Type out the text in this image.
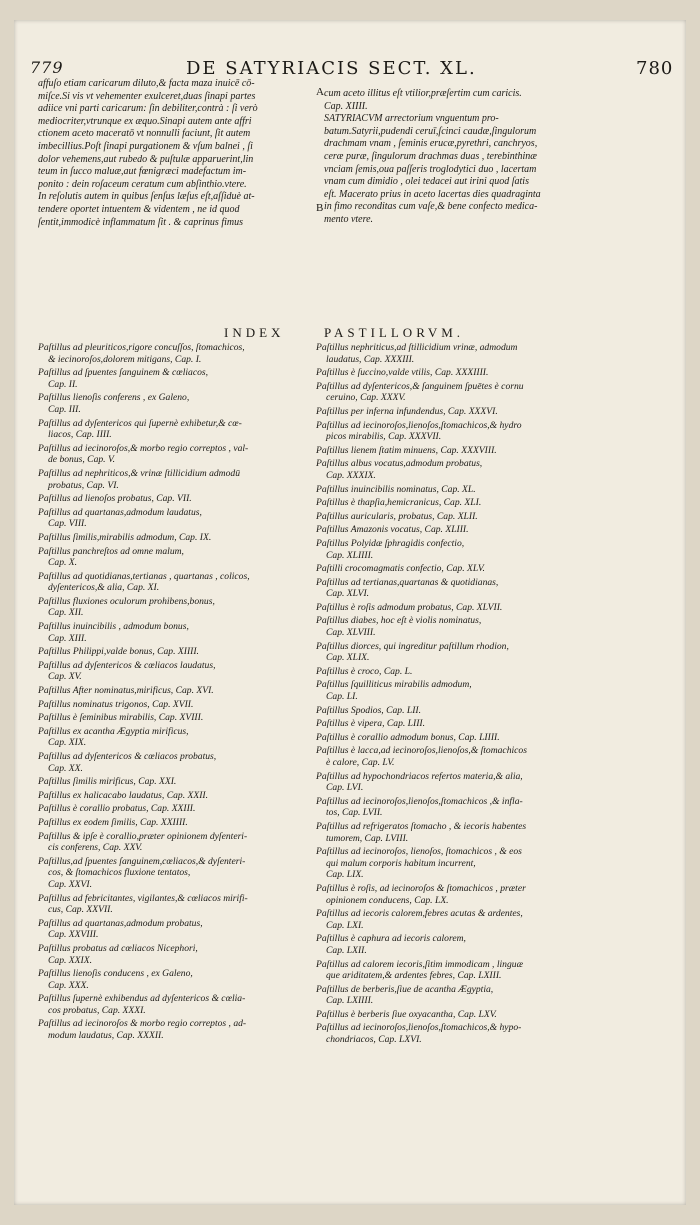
779	DE SATYRIACIS SECT. XL.	780
affuſo etiam caricarum diluto,& facta maza inuicē cō-
miſce.Si vis vt vehementer exulceret,duas ſinapi partes
adiice vni parti caricarum: ſin debiliter,contrà : ſi verò
mediocriter,vtrunque ex æquo.Sinapi autem ante affri
ctionem aceto maceratō vt nonnulli faciunt, ſit autem
imbecillius.Poſt ſinapi purgationem & vſum balnei , ſi
dolor vehemens,aut rubedo & puſtulæ apparuerint,lin
teum in ſucco maluæ,aut fœnigræci madefactum im-
ponito : dein roſaceum ceratum cum abſinthio.vtere.
In reſolutis autem in quibus ſenſus læſus eſt,aſſiduè at-
tendere oportet intuentem & videntem , ne id quod
ſentit,immodicè inflammatum ſit . & caprinus fimus
A
B
cum aceto illitus eſt vtilior,præſertim cum caricis.
Cap. XIIII.
SATYRIACVM arrectorium vnguentum pro-
batum.Satyrii,pudendi ceruī,ſcinci caudæ,ſingulorum
drachmam vnam , ſeminis erucæ,pyrethri, canchryos,
ceræ puræ, ſingulorum drachmas duas , terebinthinæ
vnciam ſemis,oua paſſeris troglodytici duo , lacertam
vnam cum dimidio , olei tedacei aut irini quod ſatis
eſt. Macerato prius in aceto lacertas dies quadraginta
in fimo reconditas cum vaſe,& bene confecto medica-
mento vtere.
INDEX	PASTILLORVM.
Paſtillus ad pleuriticos,rigore concuſſos, ſtomachicos,
& iecinoroſos,dolorem mitigans, Cap. I.
Paſtillus ad ſpuentes ſanguinem & cœliacos,
Cap. II.
Paſtillus lienoſis conferens , ex Galeno,
Cap. III.
Paſtillus ad dyſentericos qui ſupernè exhibetur,& cœ-
liacos, Cap. IIII.
Paſtillus ad iecinoroſos,& morbo regio correptos , val-
de bonus, Cap. V.
Paſtillus ad nephriticos,& vrinæ ſtillicidium admodū
probatus, Cap. VI.
Paſtillus ad lienoſos probatus, Cap. VII.
Paſtillus ad quartanas,admodum laudatus,
Cap. VIII.
Paſtillus ſimilis,mirabilis admodum, Cap. IX.
Paſtillus panchreſtos ad omne malum,
Cap. X.
Paſtillus ad quotidianas,tertianas , quartanas , colicos,
dyſentericos,& alia, Cap. XI.
Paſtillus fluxiones oculorum prohibens,bonus,
Cap. XII.
Paſtillus inuincibilis , admodum bonus,
Cap. XIII.
Paſtillus Philippi,valde bonus, Cap. XIIII.
Paſtillus ad dyſentericos & cœliacos laudatus,
Cap. XV.
Paſtillus After nominatus,mirificus, Cap. XVI.
Paſtillus nominatus trigonos, Cap. XVII.
Paſtillus è ſeminibus mirabilis, Cap. XVIII.
Paſtillus ex acantha Ægyptia mirificus,
Cap. XIX.
Paſtillus ad dyſentericos & cœliacos probatus,
Cap. XX.
Paſtillus ſimilis mirificus, Cap. XXI.
Paſtillus ex halicacabo laudatus, Cap. XXII.
Paſtillus è corallio probatus, Cap. XXIII.
Paſtillus ex eodem ſimilis, Cap. XXIIII.
Paſtillus & ipſe è corallio,præter opinionem dyſenteri-
cis conferens, Cap. XXV.
Paſtillus,ad ſpuentes ſanguinem,cœliacos,& dyſenteri-
cos, & ſtomachicos fluxione tentatos,
Cap. XXVI.
Paſtillus ad febricitantes, vigilantes,& cœliacos mirifi-
cus, Cap. XXVII.
Paſtillus ad quartanas,admodum probatus,
Cap. XXVIII.
Paſtillus probatus ad cœliacos Nicephori,
Cap. XXIX.
Paſtillus lienoſis conducens , ex Galeno,
Cap. XXX.
Paſtillus ſupernè exhibendus ad dyſentericos & cœlia-
cos probatus, Cap. XXXI.
Paſtillus ad iecinoroſos & morbo regio correptos , ad-
modum laudatus, Cap. XXXII.
Paſtillus nephriticus,ad ſtillicidium vrinæ, admodum
laudatus, Cap. XXXIII.
Paſtillus è ſuccino,valde vtilis, Cap. XXXIIII.
Paſtillus ad dyſentericos,& ſanguinem ſpuētes è cornu
ceruino, Cap. XXXV.
Paſtillus per inferna infundendus, Cap. XXXVI.
Paſtillus ad iecinoroſos,lienoſos,ſtomachicos,& hydro
picos mirabilis, Cap. XXXVII.
Paſtillus lienem ſtatim minuens, Cap. XXXVIII.
Paſtillus albus vocatus,admodum probatus,
Cap. XXXIX.
Paſtillus inuincibilis nominatus, Cap. XL.
Paſtillus è thapſia,hemicranicus, Cap. XLI.
Paſtillus auricularis, probatus, Cap. XLII.
Paſtillus Amazonis vocatus, Cap. XLIII.
Paſtillus Polyidæ ſphragidis confectio,
Cap. XLIIII.
Paſtilli crocomagmatis confectio, Cap. XLV.
Paſtillus ad tertianas,quartanas & quotidianas,
Cap. XLVI.
Paſtillus è roſis admodum probatus, Cap. XLVII.
Paſtillus diabes, hoc eſt è violis nominatus,
Cap. XLVIII.
Paſtillus diorces, qui ingreditur paſtillum rhodion,
Cap. XLIX.
Paſtillus è croco, Cap. L.
Paſtillus ſquilliticus mirabilis admodum,
Cap. LI.
Paſtillus Spodios, Cap. LII.
Paſtillus è vipera, Cap. LIII.
Paſtillus è corallio admodum bonus, Cap. LIIII.
Paſtillus è lacca,ad iecinoroſos,lienoſos,& ſtomachicos
è calore, Cap. LV.
Paſtillus ad hypochondriacos refertos materia,& alia,
Cap. LVI.
Paſtillus ad iecinoroſos,lienoſos,ſtomachicos ,& infla-
tos, Cap. LVII.
Paſtillus ad refrigeratos ſtomacho , & iecoris habentes
tumorem, Cap. LVIII.
Paſtillus ad iecinoroſos, lienoſos, ſtomachicos , & eos
qui malum corporis habitum incurrent,
Cap. LIX.
Paſtillus è roſis, ad iecinoroſos & ſtomachicos , præter
opinionem conducens, Cap. LX.
Paſtillus ad iecoris calorem,febres acutas & ardentes,
Cap. LXI.
Paſtillus è caphura ad iecoris calorem,
Cap. LXII.
Paſtillus ad calorem iecoris,ſitim immodicam , linguæ
que ariditatem,& ardentes febres, Cap. LXIII.
Paſtillus de berberis,ſiue de acantha Ægyptia,
Cap. LXIIII.
Paſtillus è berberis ſiue oxyacantha, Cap. LXV.
Paſtillus ad iecinoroſos,lienoſos,ſtomachicos,& hypo-
chondriacos, Cap. LXVI.
